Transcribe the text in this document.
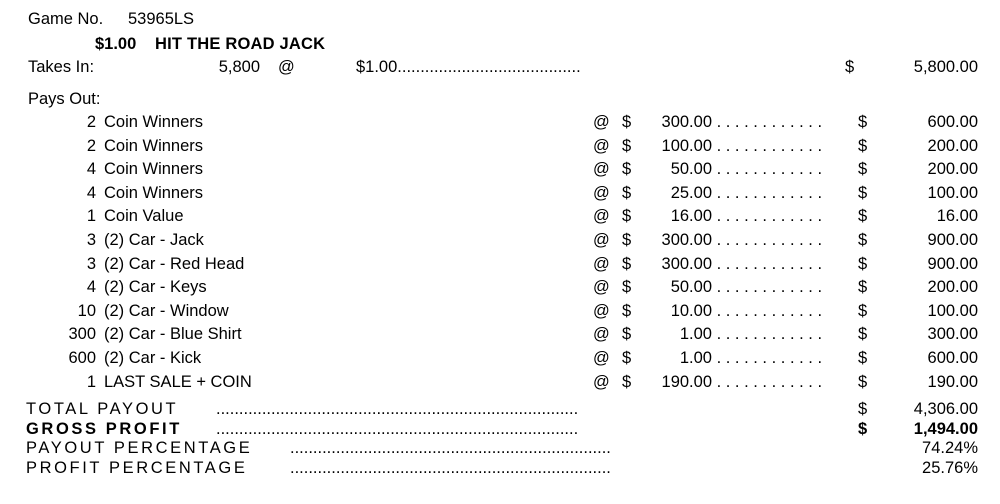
Game No.	53965LS
$1.00 HIT THE ROAD JACK
Takes In:	5,800 @	$1.00........................................	$	5,800.00
Pays Out:
2 Coin Winners	@ $	300.00 . . . . . . . . . . . .	$	600.00
2 Coin Winners	@ $	100.00 . . . . . . . . . . . .	$	200.00
4 Coin Winners	@ $	50.00 . . . . . . . . . . . .	$	200.00
4 Coin Winners	@ $	25.00 . . . . . . . . . . . .	$	100.00
1 Coin Value	@ $	16.00 . . . . . . . . . . . .	$	16.00
3 (2) Car - Jack	@ $	300.00 . . . . . . . . . . . .	$	900.00
3 (2) Car - Red Head	@ $	300.00 . . . . . . . . . . . .	$	900.00
4 (2) Car - Keys	@ $	50.00 . . . . . . . . . . . .	$	200.00
10 (2) Car - Window	@ $	10.00 . . . . . . . . . . . .	$	100.00
300 (2) Car - Blue Shirt	@ $	1.00 . . . . . . . . . . . .	$	300.00
600 (2) Car - Kick	@ $	1.00 . . . . . . . . . . . .	$	600.00
1 LAST SALE + COIN	@ $	190.00 . . . . . . . . . . . .	$	190.00
TOTAL PAYOUT ...............................................................................	$	4,306.00
GROSS PROFIT ...............................................................................	$	1,494.00
PAYOUT PERCENTAGE ......................................................................	74.24%
PROFIT PERCENTAGE	......................................................................	25.76%
